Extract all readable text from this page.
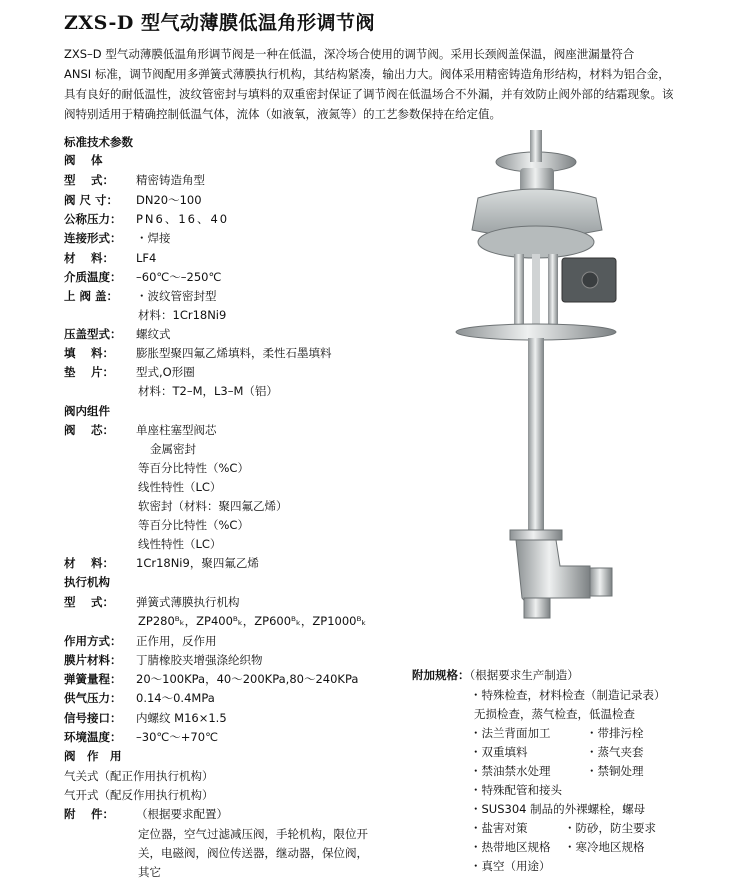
ZXS-D 型气动薄膜低温角形调节阀
ZXS–D 型气动薄膜低温角形调节阀是一种在低温，深冷场合使用的调节阀。采用长颈阀盖保温，阀座泄漏量符合
ANSI 标准，调节阀配用多弹簧式薄膜执行机构，其结构紧凑，输出力大。阀体采用精密铸造角形结构，材料为铝合金，
具有良好的耐低温性，波纹管密封与填料的双重密封保证了调节阀在低温场合不外漏，并有效防止阀外部的结霜现象。该
阀特别适用于精确控制低温气体，流体（如液氧，液氮等）的工艺参数保持在给定值。
标准技术参数
阀　 体
型　 式： 精密铸造角型
阀 尺 寸： DN20～100
公称压力： PN6、16、40
连接形式： ・焊接
材　 料： LF4
介质温度： –60℃～–250℃
上 阀 盖： ・波纹管密封型
材料：1Cr18Ni9
压盖型式： 螺纹式
填　 料： 膨胀型聚四氟乙烯填料，柔性石墨填料
垫　 片： 型式,O形圈
材料：T2–M，L3–M（铝）
阀内组件
阀　 芯： 单座柱塞型阀芯
金属密封
等百分比特性（%C）
线性特性（LC）
软密封（材料：聚四氟乙烯）
等百分比特性（%C）
线性特性（LC）
材　 料： 1Cr18Ni9，聚四氟乙烯
执行机构
型　 式： 弹簧式薄膜执行机构
ZP280ᴮₖ，ZP400ᴮₖ，ZP600ᴮₖ，ZP1000ᴮₖ
作用方式： 正作用，反作用
膜片材料： 丁腈橡胶夹增强涤纶织物
弹簧量程： 20～100KPa，40～200KPa,80～240KPa
供气压力： 0.14～0.4MPa
信号接口： 内螺纹 M16×1.5
环境温度： –30℃～+70℃
阀　作　用
气关式（配正作用执行机构）
气开式（配反作用执行机构）
附　 件： （根据要求配置）
定位器，空气过滤减压阀，手轮机构，限位开
关，电磁阀，阀位传送器，继动器，保位阀，
其它
附加规格：（根据要求生产制造）
・特殊检查，材料检查（制造记录表）
无损检查，蒸气检查，低温检查
・法兰背面加工	・带排污栓
・双重填料	・蒸气夹套
・禁油禁水处理	・禁铜处理
・特殊配管和接头
・SUS304 制品的外裸螺栓，螺母
・盐害对策	・防砂，防尘要求
・热带地区规格 ・寒冷地区规格
・真空（用途）
